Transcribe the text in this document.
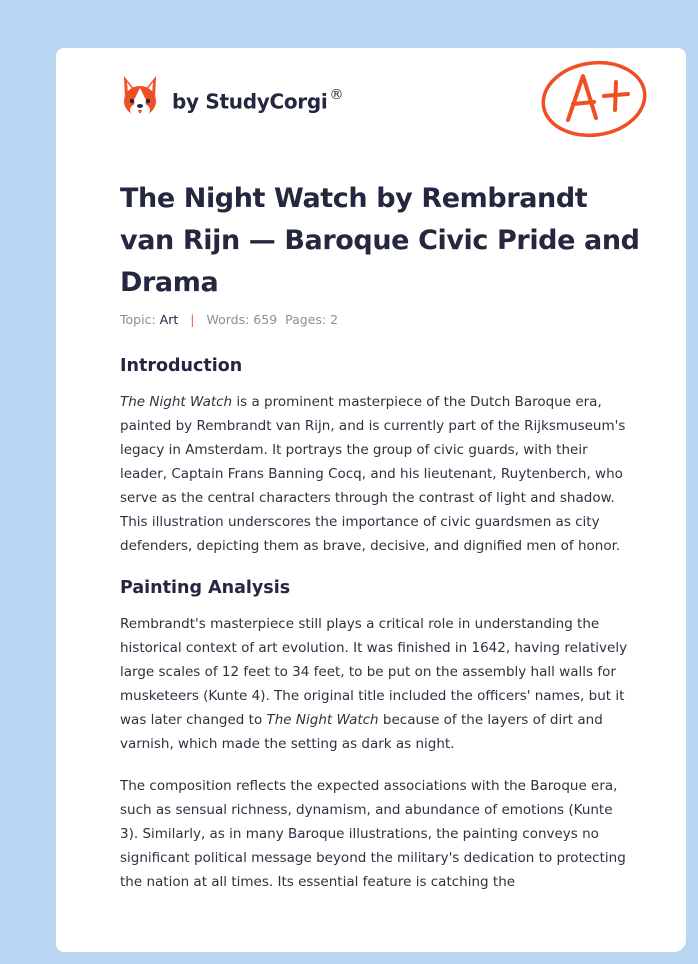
by StudyCorgi ®
The Night Watch by Rembrandt van Rijn — Baroque Civic Pride and Drama
Topic: Art | Words: 659 Pages: 2
Introduction

The Night Watch is a prominent masterpiece of the Dutch Baroque era, painted by Rembrandt van Rijn, and is currently part of the Rijksmuseum's legacy in Amsterdam. It portrays the group of civic guards, with their leader, Captain Frans Banning Cocq, and his lieutenant, Ruytenberch, who serve as the central characters through the contrast of light and shadow. This illustration underscores the importance of civic guardsmen as city defenders, depicting them as brave, decisive, and dignified men of honor.

Painting Analysis

Rembrandt's masterpiece still plays a critical role in understanding the historical context of art evolution. It was finished in 1642, having relatively large scales of 12 feet to 34 feet, to be put on the assembly hall walls for musketeers (Kunte 4). The original title included the officers' names, but it was later changed to The Night Watch because of the layers of dirt and varnish, which made the setting as dark as night.

The composition reflects the expected associations with the Baroque era, such as sensual richness, dynamism, and abundance of emotions (Kunte 3). Similarly, as in many Baroque illustrations, the painting conveys no significant political message beyond the military's dedication to protecting the nation at all times. Its essential feature is catching the
